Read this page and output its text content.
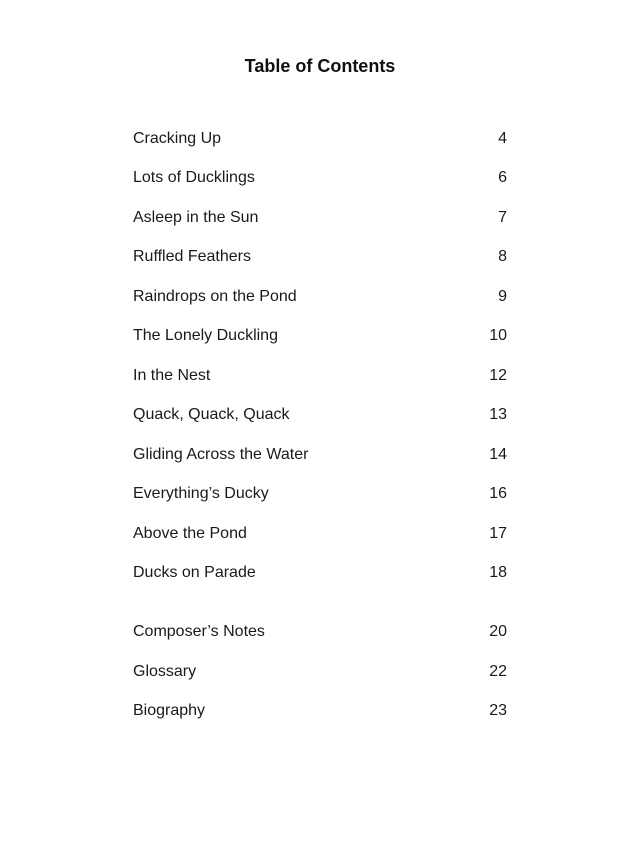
Table of Contents
Cracking Up	4
Lots of Ducklings	6
Asleep in the Sun	7
Ruffled Feathers	8
Raindrops on the Pond	9
The Lonely Duckling	10
In the Nest	12
Quack, Quack, Quack	13
Gliding Across the Water	14
Everything’s Ducky	16
Above the Pond	17
Ducks on Parade	18
Composer’s Notes	20
Glossary	22
Biography	23
